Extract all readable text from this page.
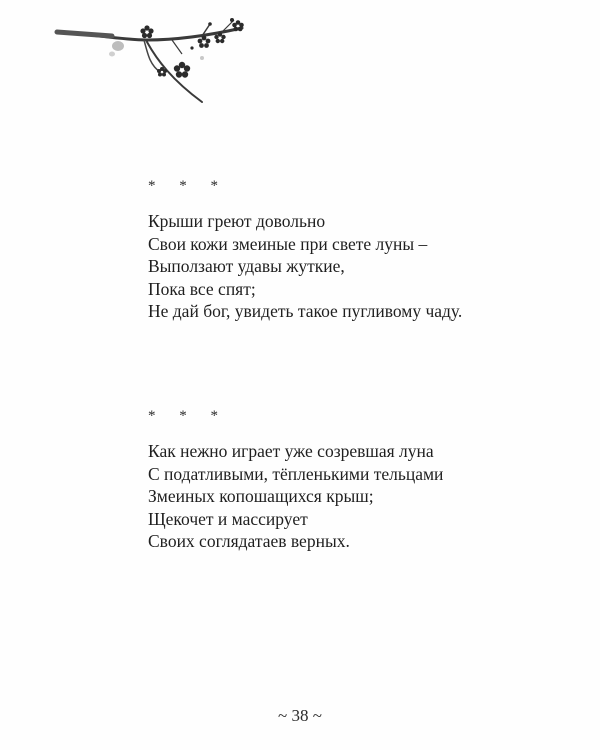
* * *
Крыши греют довольно
Свои кожи змеиные при свете луны –
Выползают удавы жуткие,
Пока все спят;
Не дай бог, увидеть такое пугливому чаду.
* * *
Как нежно играет уже созревшая луна
С податливыми, тёпленькими тельцами
Змеиных копошащихся крыш;
Щекочет и массирует
Своих соглядатаев верных.
~ 38 ~
